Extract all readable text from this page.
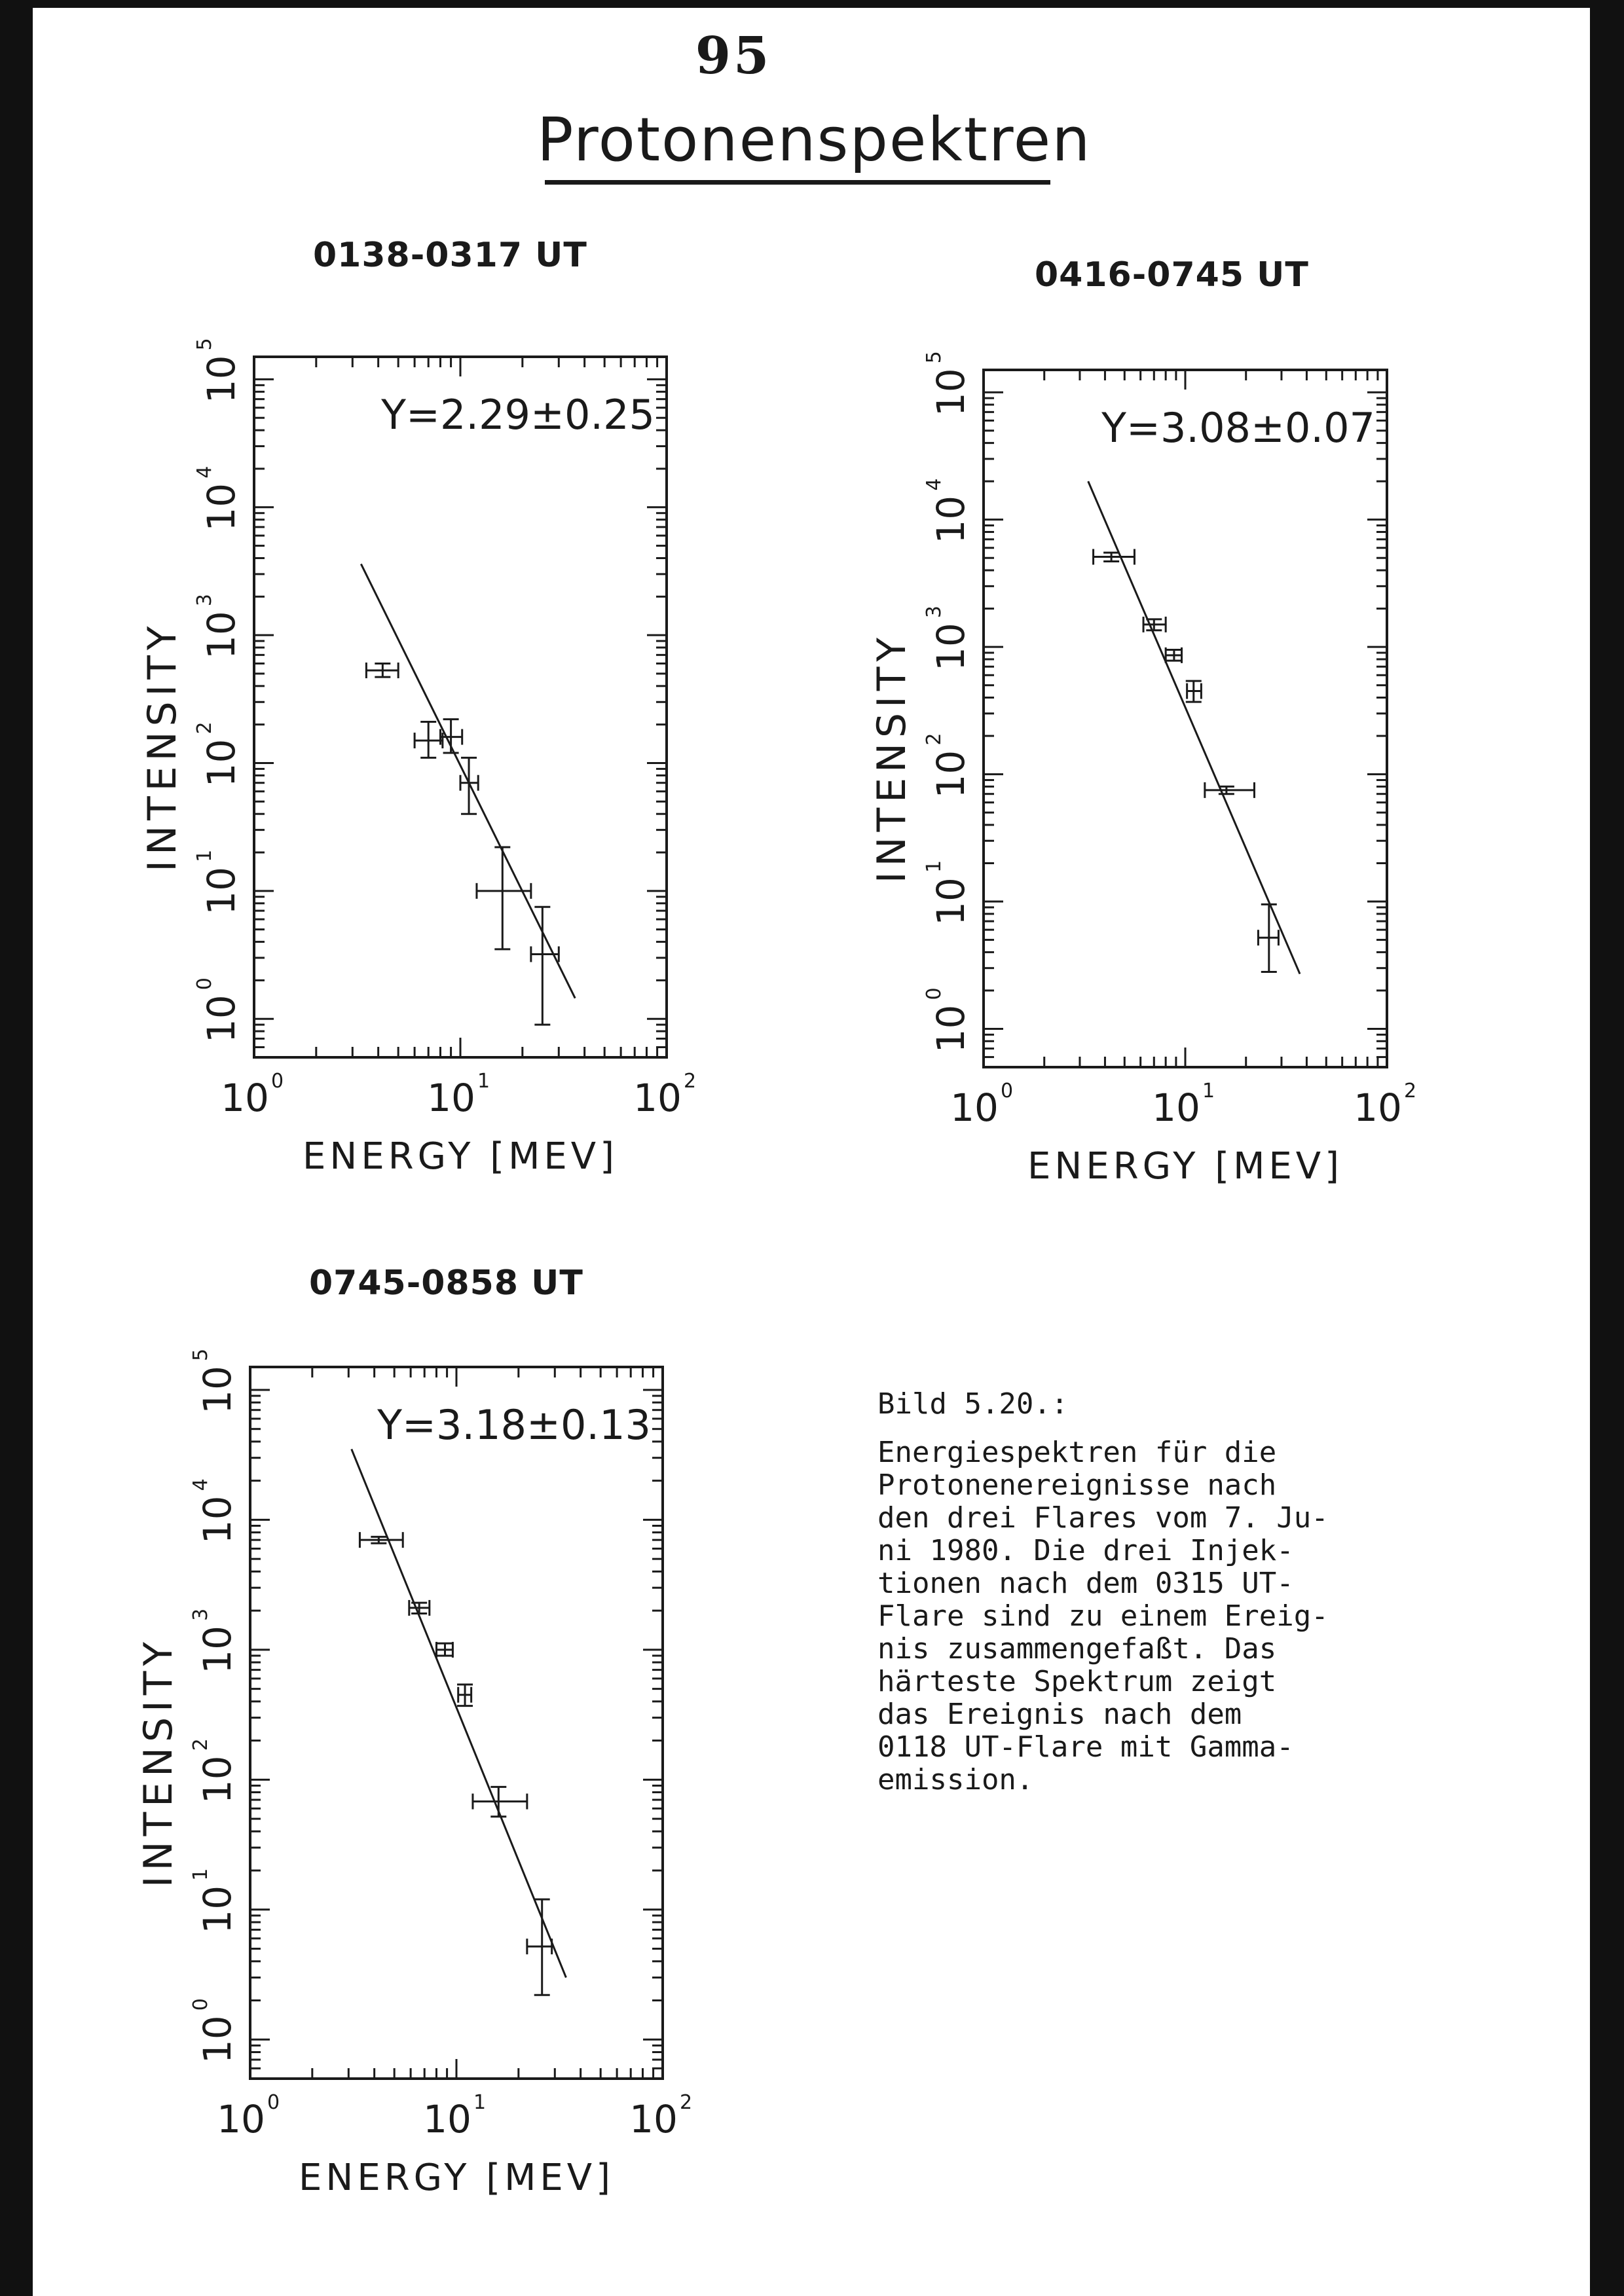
95
Protonenspektren
0138-0317 UT	0416-0745 UT
0745-0858 UT
10 0	10 1	10 2
10
0
10
1
10
2
10
3
10
4
10
5
ENERGY [MEV]
INTENSITY
Y=2.29±0.25
10 0	10 1	10 2
10
0
10
1
10
2
10
3
10
4
10
5
ENERGY [MEV]
INTENSITY
Y=3.08±0.07
10 0	10 1	10 2
10
0
10
1
10
2
10
3
10
4
10
5
ENERGY [MEV]
INTENSITY
Y=3.18±0.13	Bild 5.20.:

Energiespektren für die
Protonenereignisse nach
den drei Flares vom 7. Ju-
ni 1980. Die drei Injek-
tionen nach dem 0315 UT-
Flare sind zu einem Ereig-
nis zusammengefaßt. Das
härteste Spektrum zeigt
das Ereignis nach dem
0118 UT-Flare mit Gamma-
emission.
